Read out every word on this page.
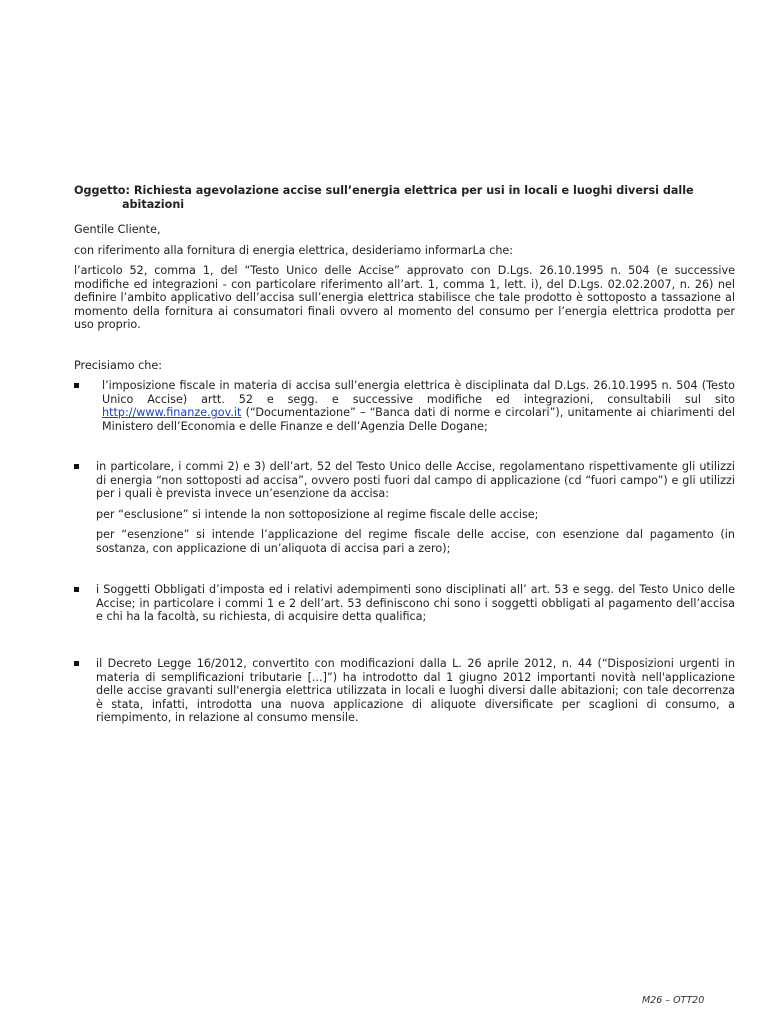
Oggetto: Richiesta agevolazione accise sull’energia elettrica per usi in locali e luoghi diversi dalle
abitazioni
Gentile Cliente,
con riferimento alla fornitura di energia elettrica, desideriamo informarLa che:
l’articolo 52, comma 1, del “Testo Unico delle Accise” approvato con D.Lgs. 26.10.1995 n. 504 (e successive modifiche ed integrazioni - con particolare riferimento all’art. 1, comma 1, lett. i), del D.Lgs. 02.02.2007, n. 26) nel definire l’ambito applicativo dell’accisa sull’energia elettrica stabilisce che tale prodotto è sottoposto a tassazione al momento della fornitura ai consumatori finali ovvero al momento del consumo per l’energia elettrica prodotta per uso proprio.
Precisiamo che:
l’imposizione fiscale in materia di accisa sull’energia elettrica è disciplinata dal D.Lgs. 26.10.1995 n. 504 (Testo Unico Accise) artt. 52 e segg. e successive modifiche ed integrazioni, consultabili sul sito http://www.finanze.gov.it (“Documentazione” – “Banca dati di norme e circolari”), unitamente ai chiarimenti del Ministero dell’Economia e delle Finanze e dell’Agenzia Delle Dogane;
in particolare, i commi 2) e 3) dell’art. 52 del Testo Unico delle Accise, regolamentano rispettivamente gli utilizzi di energia “non sottoposti ad accisa”, ovvero posti fuori dal campo di applicazione (cd “fuori campo”) e gli utilizzi per i quali è prevista invece un’esenzione da accisa:
per “esclusione” si intende la non sottoposizione al regime fiscale delle accise;
per “esenzione” si intende l’applicazione del regime fiscale delle accise, con esenzione dal pagamento (in sostanza, con applicazione di un’aliquota di accisa pari a zero);
i Soggetti Obbligati d’imposta ed i relativi adempimenti sono disciplinati all’ art. 53 e segg. del Testo Unico delle Accise; in particolare i commi 1 e 2 dell’art. 53 definiscono chi sono i soggetti obbligati al pagamento dell’accisa e chi ha la facoltà, su richiesta, di acquisire detta qualifica;
il Decreto Legge 16/2012, convertito con modificazioni dalla L. 26 aprile 2012, n. 44 (“Disposizioni urgenti in materia di semplificazioni tributarie [...]”) ha introdotto dal 1 giugno 2012 importanti novità nell'applicazione delle accise gravanti sull'energia elettrica utilizzata in locali e luoghi diversi dalle abitazioni; con tale decorrenza è stata, infatti, introdotta una nuova applicazione di aliquote diversificate per scaglioni di consumo, a riempimento, in relazione al consumo mensile.
M26 – OTT20
